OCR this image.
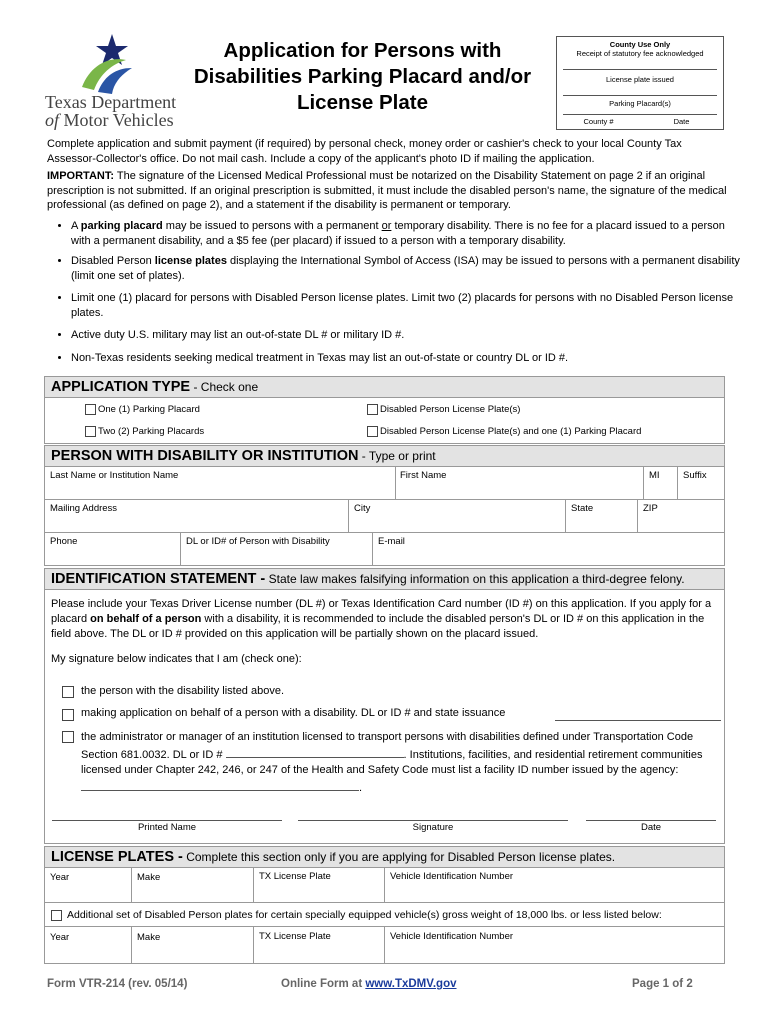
Texas Department
of Motor Vehicles
Application for Persons with Disabilities Parking Placard and/or License Plate
County Use Only
Receipt of statutory fee acknowledged
License plate issued
Parking Placard(s)
County #	Date
Complete application and submit payment (if required) by personal check, money order or cashier's check to your local County Tax Assessor-Collector's office. Do not mail cash. Include a copy of the applicant's photo ID if mailing the application.
IMPORTANT: The signature of the Licensed Medical Professional must be notarized on the Disability Statement on page 2 if an original prescription is not submitted. If an original prescription is submitted, it must include the disabled person's name, the signature of the medical professional (as defined on page 2), and a statement if the disability is permanent or temporary.
• A parking placard may be issued to persons with a permanent or temporary disability. There is no fee for a placard issued to a person with a permanent disability, and a $5 fee (per placard) if issued to a person with a temporary disability.
• Disabled Person license plates displaying the International Symbol of Access (ISA) may be issued to persons with a permanent disability (limit one set of plates).
• Limit one (1) placard for persons with Disabled Person license plates. Limit two (2) placards for persons with no Disabled Person license plates.
• Active duty U.S. military may list an out-of-state DL # or military ID #.
• Non-Texas residents seeking medical treatment in Texas may list an out-of-state or country DL or ID #.
APPLICATION TYPE - Check one
One (1) Parking Placard	Disabled Person License Plate(s)
Two (2) Parking Placards	Disabled Person License Plate(s) and one (1) Parking Placard
PERSON WITH DISABILITY OR INSTITUTION - Type or print
Last Name or Institution Name	First Name	MI Suffix
Mailing Address	City	State	ZIP
Phone	DL or ID# of Person with Disability	E-mail
IDENTIFICATION STATEMENT - State law makes falsifying information on this application a third-degree felony.
Please include your Texas Driver License number (DL #) or Texas Identification Card number (ID #) on this application. If you apply for a placard on behalf of a person with a disability, it is recommended to include the disabled person's DL or ID # on this application in the field above. The DL or ID # provided on this application will be partially shown on the placard issued.
My signature below indicates that I am (check one):
the person with the disability listed above.
making application on behalf of a person with a disability. DL or ID # and state issuance
the administrator or manager of an institution licensed to transport persons with disabilities defined under Transportation Code Section 681.0032. DL or ID #	. Institutions, facilities, and residential retirement communities licensed under Chapter 242, 246, or 247 of the Health and Safety Code must list a facility ID number issued by the agency: .
Printed Name	Signature	Date
LICENSE PLATES - Complete this section only if you are applying for Disabled Person license plates.
Year	Make	TX License Plate	Vehicle Identification Number
Additional set of Disabled Person plates for certain specially equipped vehicle(s) gross weight of 18,000 lbs. or less listed below:
Year	Make	TX License Plate	Vehicle Identification Number
Form VTR-214 (rev. 05/14)	Online Form at www.TxDMV.gov	Page 1 of 2
